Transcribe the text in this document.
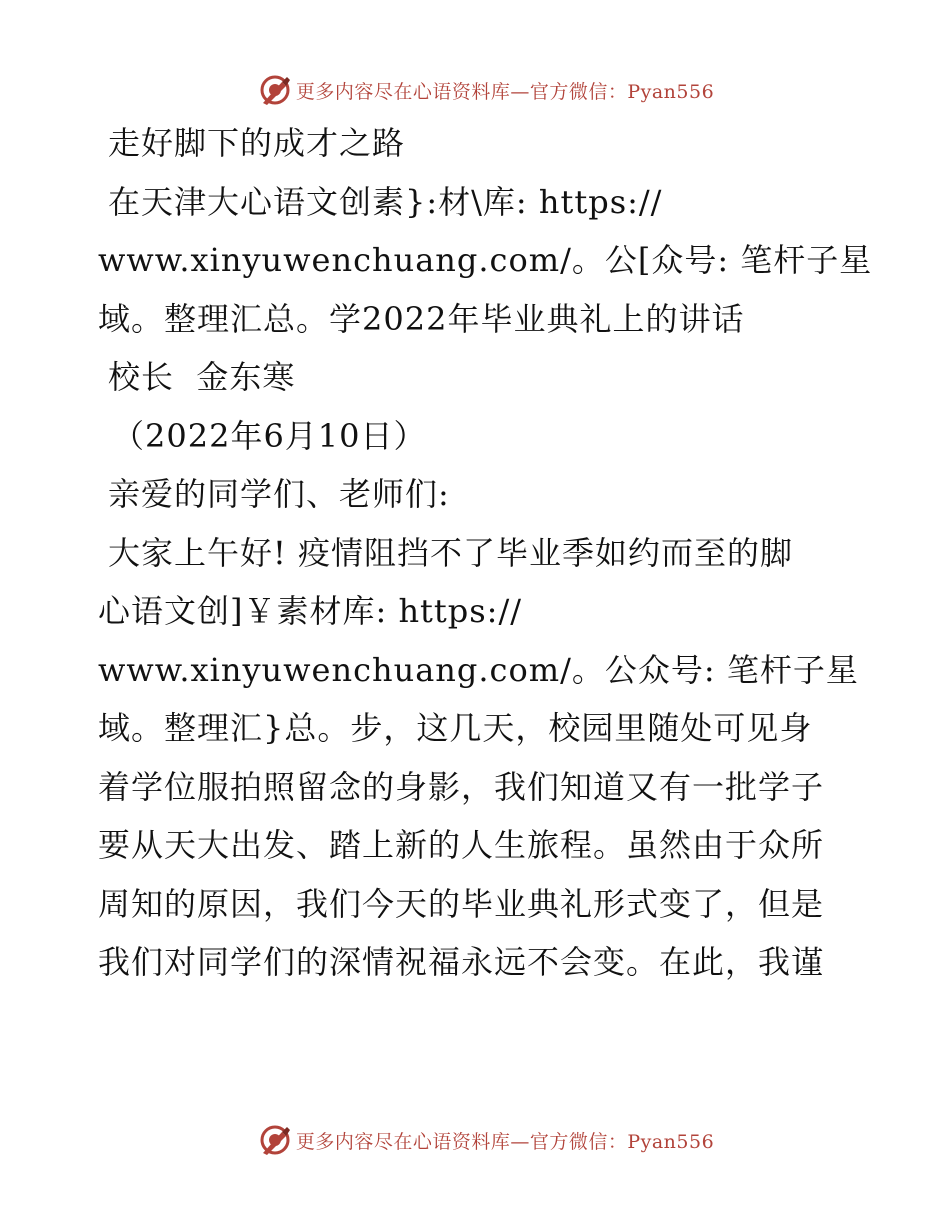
更多内容尽在心语资料库—官方微信：Pyan556
走好脚下的成才之路
在天津大心语文创素}:材\库: https://
www.xinyuwenchuang.com/。公[众号: 笔杆子星
域。整理汇总。学2022年毕业典礼上的讲话
校长  金东寒
（2022年6月10日）
亲爱的同学们、老师们:
大家上午好! 疫情阻挡不了毕业季如约而至的脚
心语文创]￥素材库: https://
www.xinyuwenchuang.com/。公众号: 笔杆子星
域。整理汇}总。步，这几天，校园里随处可见身
着学位服拍照留念的身影，我们知道又有一批学子
要从天大出发、踏上新的人生旅程。虽然由于众所
周知的原因，我们今天的毕业典礼形式变了，但是
我们对同学们的深情祝福永远不会变。在此，我谨
更多内容尽在心语资料库—官方微信：Pyan556
